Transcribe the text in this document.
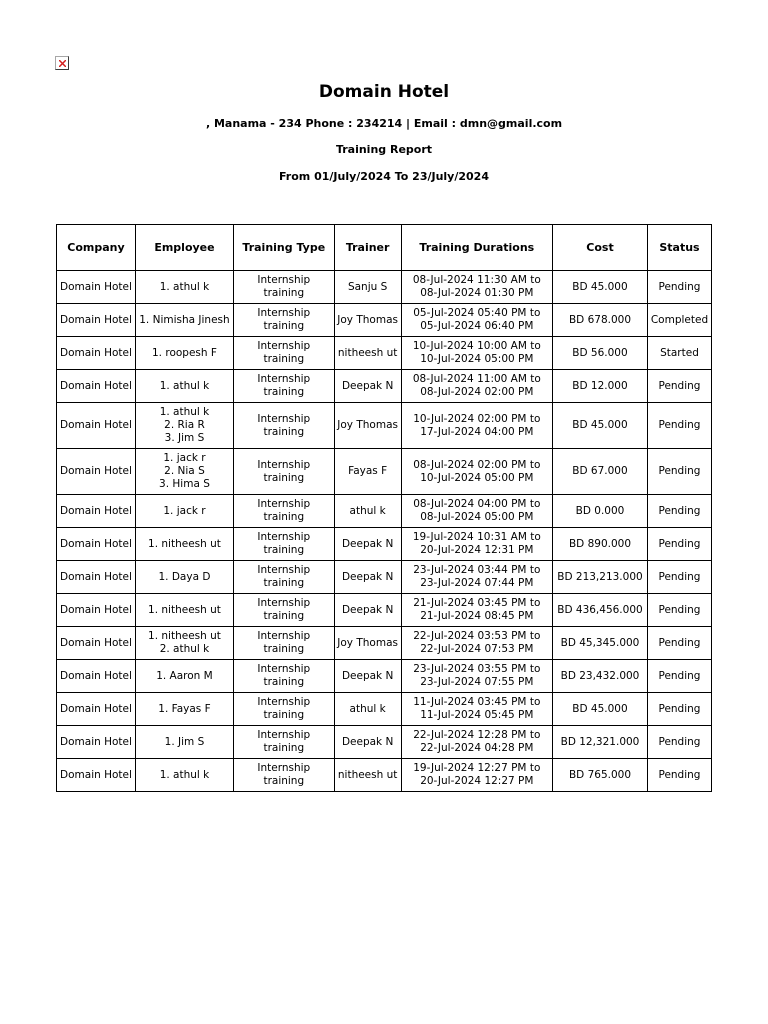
Domain Hotel
, Manama - 234 Phone : 234214 | Email : dmn@gmail.com
Training Report
From 01/July/2024 To 23/July/2024
Company	Employee	Training Type	Trainer	Training Durations	Cost	Status
Domain Hotel	1. athul k	Internship training	Sanju S	08-Jul-2024 11:30 AM to 08-Jul-2024 01:30 PM	BD 45.000	Pending
Domain Hotel	1. Nimisha Jinesh	Internship training	Joy Thomas	05-Jul-2024 05:40 PM to 05-Jul-2024 06:40 PM	BD 678.000	Completed
Domain Hotel	1. roopesh F	Internship training	nitheesh ut	10-Jul-2024 10:00 AM to 10-Jul-2024 05:00 PM	BD 56.000	Started
Domain Hotel	1. athul k	Internship training	Deepak N	08-Jul-2024 11:00 AM to 08-Jul-2024 02:00 PM	BD 12.000	Pending
Domain Hotel	1. athul k
2. Ria R
3. Jim S	Internship training	Joy Thomas	10-Jul-2024 02:00 PM to 17-Jul-2024 04:00 PM	BD 45.000	Pending
Domain Hotel	1. jack r
2. Nia S
3. Hima S	Internship training	Fayas F	08-Jul-2024 02:00 PM to 10-Jul-2024 05:00 PM	BD 67.000	Pending
Domain Hotel	1. jack r	Internship training	athul k	08-Jul-2024 04:00 PM to 08-Jul-2024 05:00 PM	BD 0.000	Pending
Domain Hotel	1. nitheesh ut	Internship training	Deepak N	19-Jul-2024 10:31 AM to 20-Jul-2024 12:31 PM	BD 890.000	Pending
Domain Hotel	1. Daya D	Internship training	Deepak N	23-Jul-2024 03:44 PM to 23-Jul-2024 07:44 PM	BD 213,213.000	Pending
Domain Hotel	1. nitheesh ut	Internship training	Deepak N	21-Jul-2024 03:45 PM to 21-Jul-2024 08:45 PM	BD 436,456.000	Pending
Domain Hotel	1. nitheesh ut
2. athul k	Internship training	Joy Thomas	22-Jul-2024 03:53 PM to 22-Jul-2024 07:53 PM	BD 45,345.000	Pending
Domain Hotel	1. Aaron M	Internship training	Deepak N	23-Jul-2024 03:55 PM to 23-Jul-2024 07:55 PM	BD 23,432.000	Pending
Domain Hotel	1. Fayas F	Internship training	athul k	11-Jul-2024 03:45 PM to 11-Jul-2024 05:45 PM	BD 45.000	Pending
Domain Hotel	1. Jim S	Internship training	Deepak N	22-Jul-2024 12:28 PM to 22-Jul-2024 04:28 PM	BD 12,321.000	Pending
Domain Hotel	1. athul k	Internship training	nitheesh ut	19-Jul-2024 12:27 PM to 20-Jul-2024 12:27 PM	BD 765.000	Pending
